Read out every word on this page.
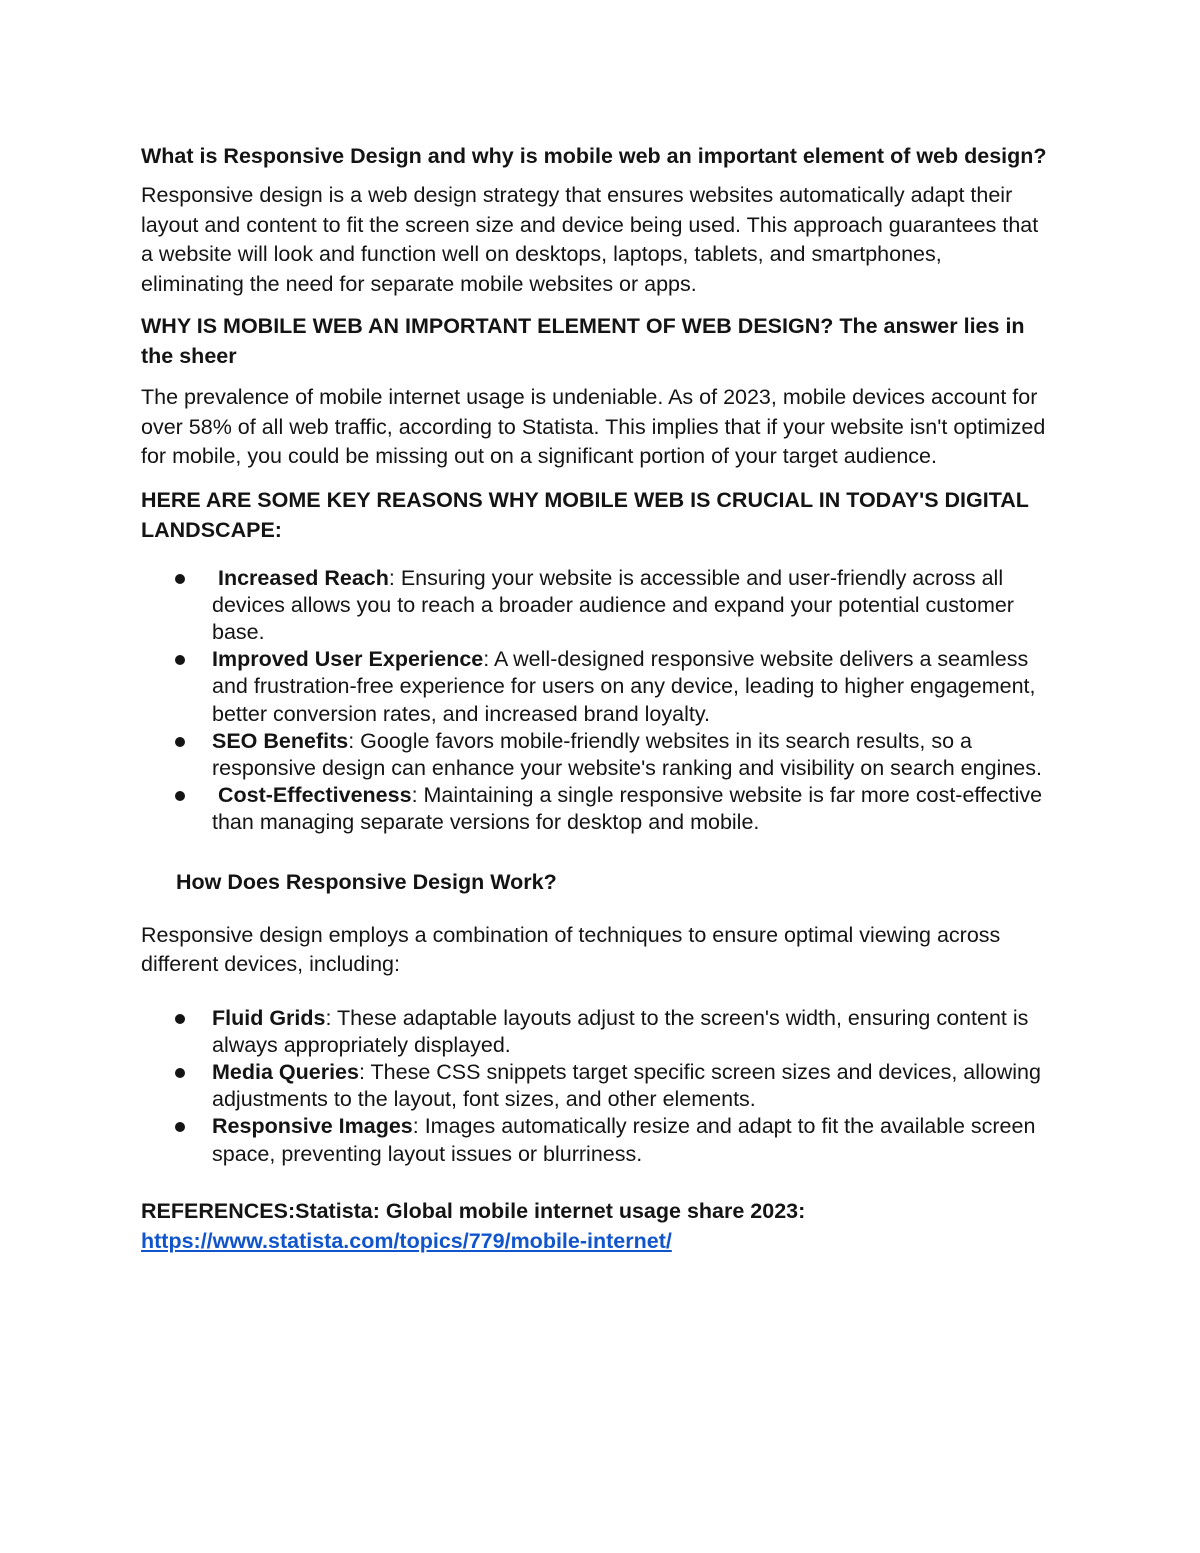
What is Responsive Design and why is mobile web an important element of web design?

Responsive design is a web design strategy that ensures websites automatically adapt their layout and content to fit the screen size and device being used. This approach guarantees that a website will look and function well on desktops, laptops, tablets, and smartphones, eliminating the need for separate mobile websites or apps.

WHY IS MOBILE WEB AN IMPORTANT ELEMENT OF WEB DESIGN? The answer lies in the sheer

The prevalence of mobile internet usage is undeniable. As of 2023, mobile devices account for over 58% of all web traffic, according to Statista. This implies that if your website isn't optimized for mobile, you could be missing out on a significant portion of your target audience.

HERE ARE SOME KEY REASONS WHY MOBILE WEB IS CRUCIAL IN TODAY'S DIGITAL LANDSCAPE:
Increased Reach: Ensuring your website is accessible and user-friendly across all devices allows you to reach a broader audience and expand your potential customer base.
Improved User Experience: A well-designed responsive website delivers a seamless and frustration-free experience for users on any device, leading to higher engagement, better conversion rates, and increased brand loyalty.
SEO Benefits: Google favors mobile-friendly websites in its search results, so a responsive design can enhance your website's ranking and visibility on search engines.
Cost-Effectiveness: Maintaining a single responsive website is far more cost-effective than managing separate versions for desktop and mobile.
How Does Responsive Design Work?

Responsive design employs a combination of techniques to ensure optimal viewing across different devices, including:

Fluid Grids: These adaptable layouts adjust to the screen's width, ensuring content is always appropriately displayed.
Media Queries: These CSS snippets target specific screen sizes and devices, allowing adjustments to the layout, font sizes, and other elements.
Responsive Images: Images automatically resize and adapt to fit the available screen space, preventing layout issues or blurriness.
REFERENCES:Statista: Global mobile internet usage share 2023:
https://www.statista.com/topics/779/mobile-internet/
